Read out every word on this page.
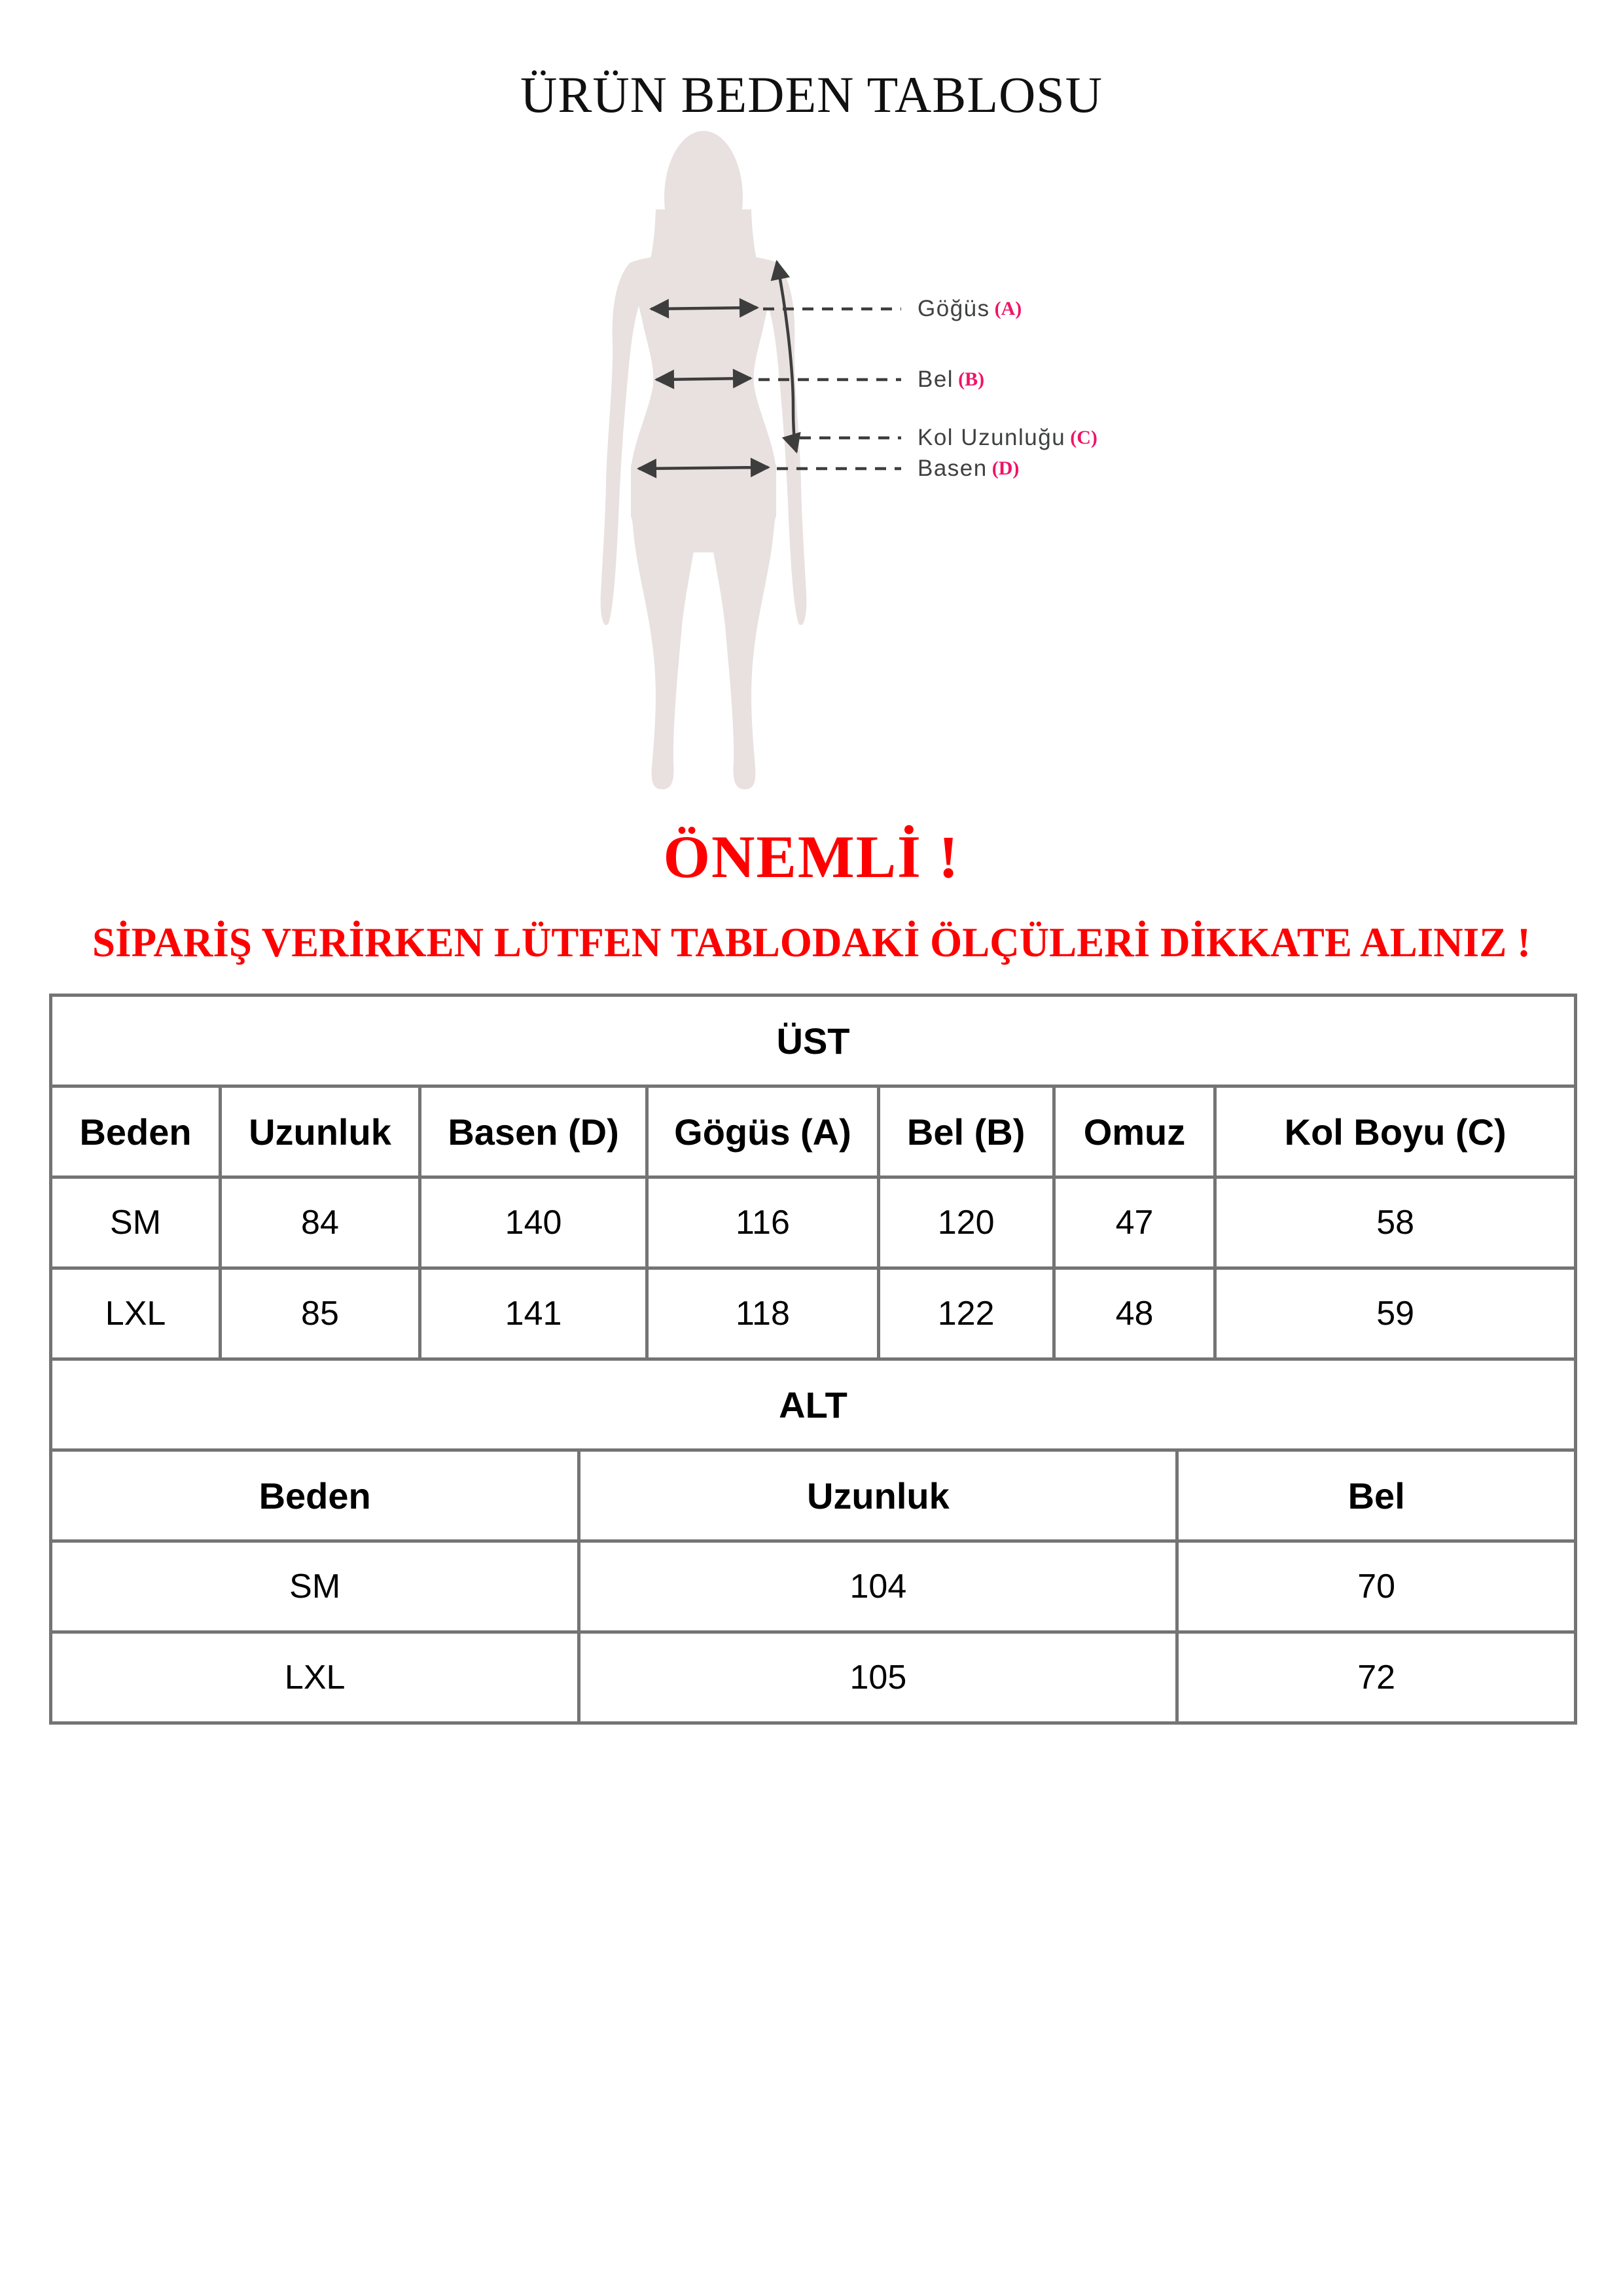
ÜRÜN BEDEN TABLOSU
Göğüs (A)
Bel (B)
Kol Uzunluğu (C)
Basen (D)
ÖNEMLİ !
SİPARİŞ VERİRKEN LÜTFEN TABLODAKİ ÖLÇÜLERİ DİKKATE ALINIZ !
ÜST						
Beden	Uzunluk	Basen (D)	Gögüs (A)	Bel (B)	Omuz	Kol Boyu (C)
SM	84	140	116	120	47	58
LXL	85	141	118	122	48	59
ALT		
Beden	Uzunluk	Bel
SM	104	70
LXL	105	72
